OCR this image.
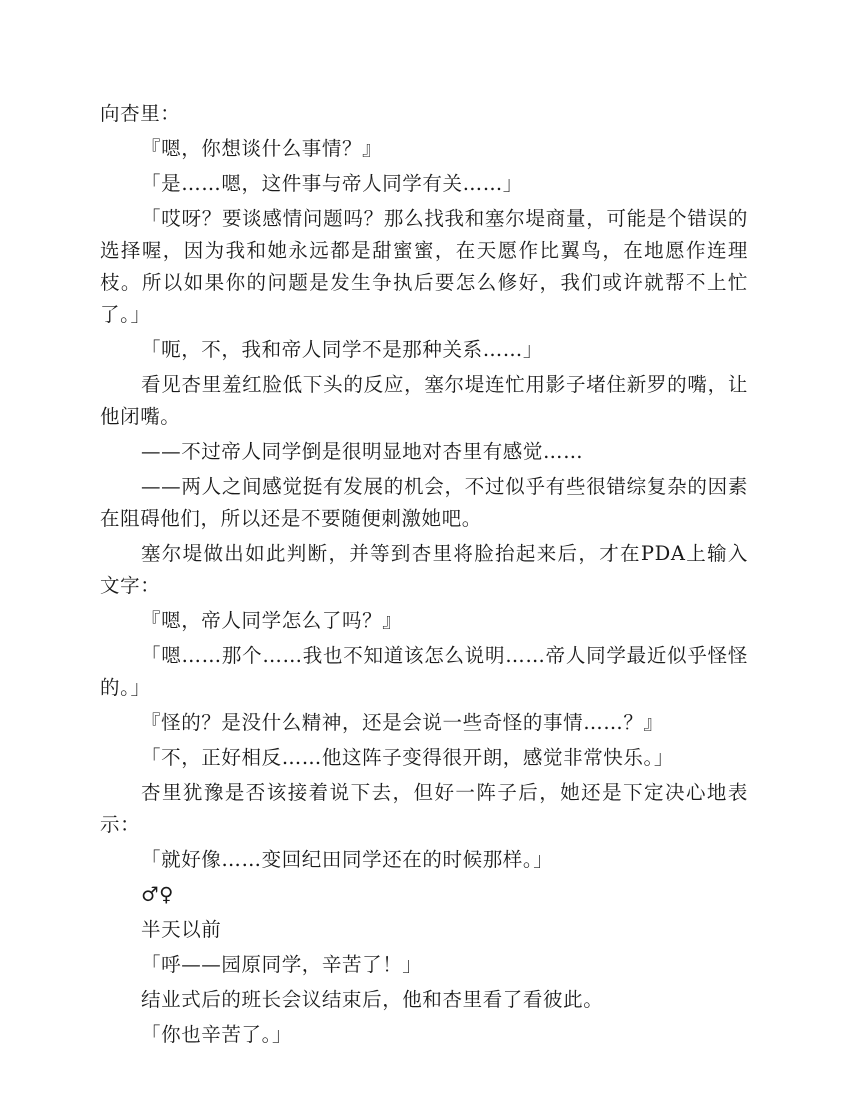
向杏里：

『嗯，你想谈什么事情？』

「是……嗯，这件事与帝人同学有关……」

「哎呀？要谈感情问题吗？那么找我和塞尔堤商量，可能是个错误的选择喔，因为我和她永远都是甜蜜蜜，在天愿作比翼鸟，在地愿作连理枝。所以如果你的问题是发生争执后要怎么修好，我们或许就帮不上忙了。」

「呃，不，我和帝人同学不是那种关系……」

看见杏里羞红脸低下头的反应，塞尔堤连忙用影子堵住新罗的嘴，让他闭嘴。

——不过帝人同学倒是很明显地对杏里有感觉……

——两人之间感觉挺有发展的机会，不过似乎有些很错综复杂的因素在阻碍他们，所以还是不要随便刺激她吧。

塞尔堤做出如此判断，并等到杏里将脸抬起来后，才在PDA上输入文字：

『嗯，帝人同学怎么了吗？』

「嗯……那个……我也不知道该怎么说明……帝人同学最近似乎怪怪的。」

『怪的？是没什么精神，还是会说一些奇怪的事情……？』

「不，正好相反……他这阵子变得很开朗，感觉非常快乐。」

杏里犹豫是否该接着说下去，但好一阵子后，她还是下定决心地表示：

「就好像……变回纪田同学还在的时候那样。」

♂♀

半天以前

「呼——园原同学，辛苦了！」

结业式后的班长会议结束后，他和杏里看了看彼此。

「你也辛苦了。」
